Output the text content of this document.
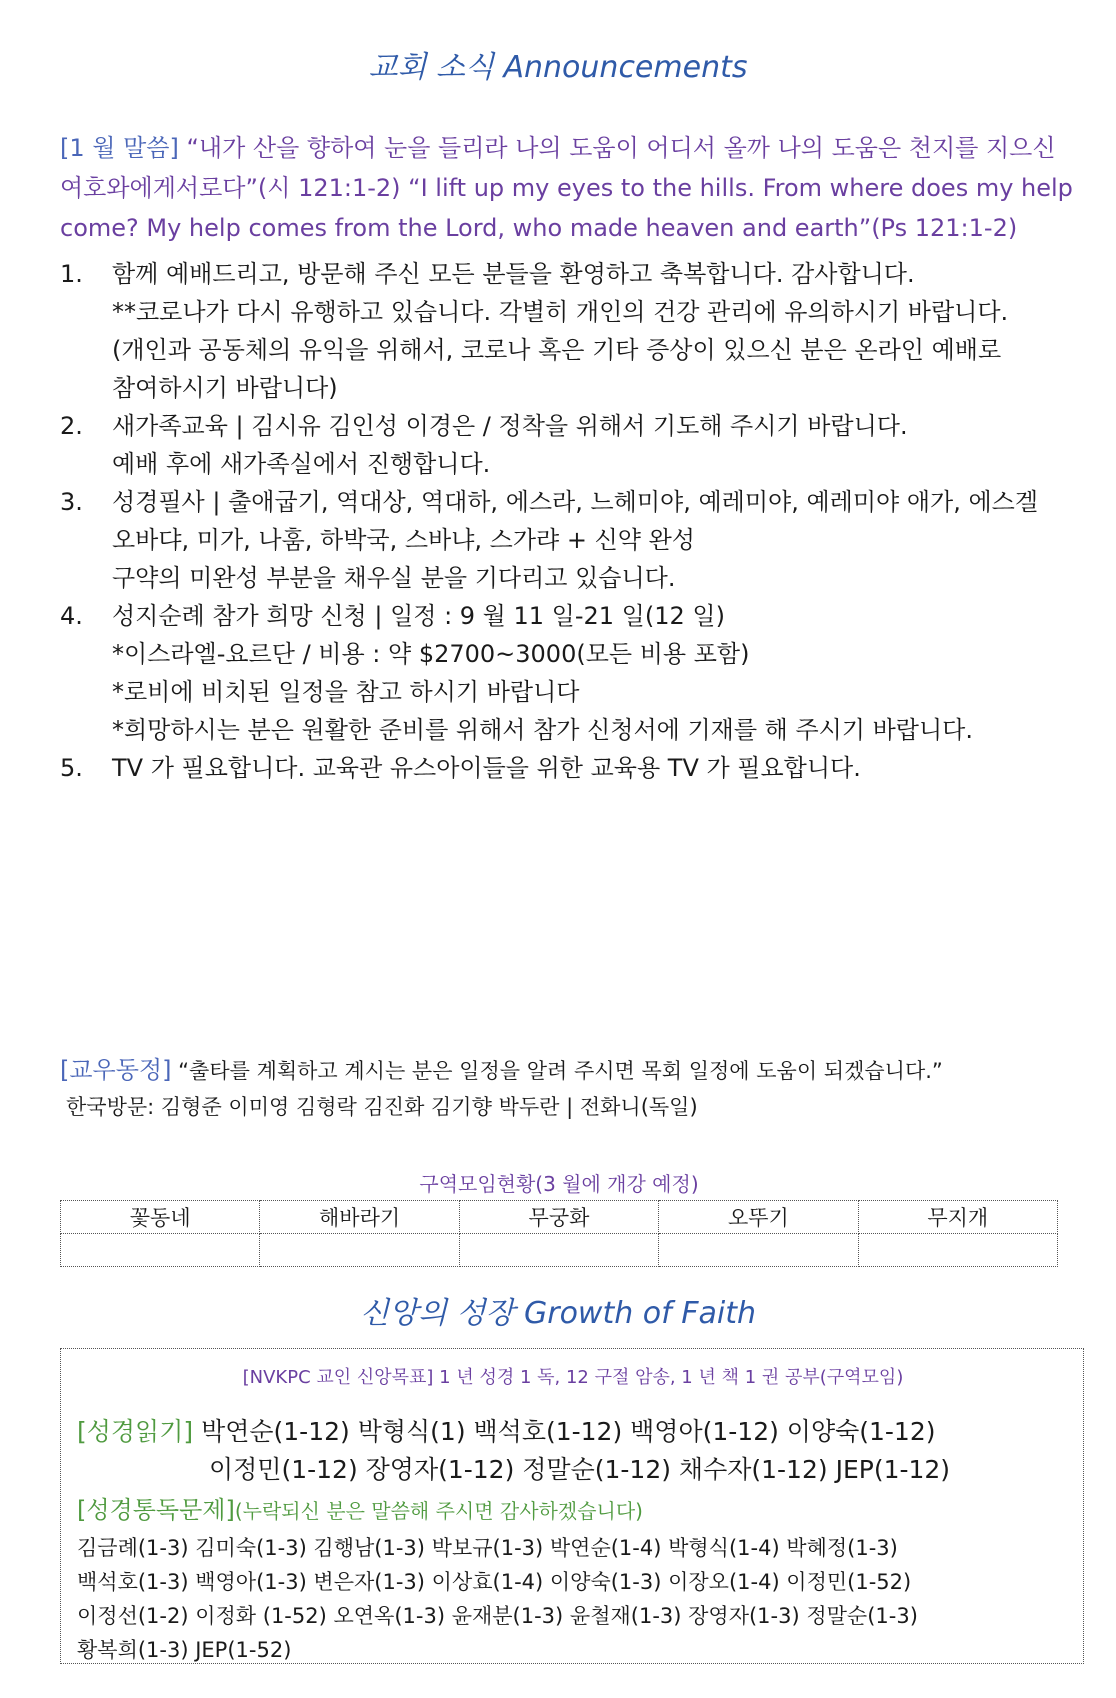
교회 소식 Announcements
[1 월 말씀] “내가 산을 향하여 눈을 들리라 나의 도움이 어디서 올까 나의 도움은 천지를 지으신 여호와에게서로다”(시 121:1-2) “I lift up my eyes to the hills. From where does my help come? My help comes from the Lord, who made heaven and earth”(Ps 121:1-2)
1.	함께 예배드리고, 방문해 주신 모든 분들을 환영하고 축복합니다. 감사합니다.
**코로나가 다시 유행하고 있습니다. 각별히 개인의 건강 관리에 유의하시기 바랍니다.
(개인과 공동체의 유익을 위해서, 코로나 혹은 기타 증상이 있으신 분은 온라인 예배로
참여하시기 바랍니다)
2.	새가족교육 | 김시유 김인성 이경은 / 정착을 위해서 기도해 주시기 바랍니다.
예배 후에 새가족실에서 진행합니다.
3.	성경필사 | 출애굽기, 역대상, 역대하, 에스라, 느헤미야, 예레미야, 예레미야 애가, 에스겔
오바댜, 미가, 나훔, 하박국, 스바냐, 스가랴 + 신약 완성
구약의 미완성 부분을 채우실 분을 기다리고 있습니다.
4.	성지순례 참가 희망 신청 | 일정 : 9 월 11 일-21 일(12 일)
*이스라엘-요르단 / 비용 : 약 $2700~3000(모든 비용 포함)
*로비에 비치된 일정을 참고 하시기 바랍니다
*희망하시는 분은 원활한 준비를 위해서 참가 신청서에 기재를 해 주시기 바랍니다.
5.	TV 가 필요합니다. 교육관 유스아이들을 위한 교육용 TV 가 필요합니다.
[교우동정] “출타를 계획하고 계시는 분은 일정을 알려 주시면 목회 일정에 도움이 되겠습니다.”
한국방문: 김형준 이미영 김형락 김진화 김기향 박두란 | 전화니(독일)
구역모임현황(3 월에 개강 예정)
꽃동네	해바라기	무궁화	오뚜기	무지개

신앙의 성장 Growth of Faith
[NVKPC 교인 신앙목표] 1 년 성경 1 독, 12 구절 암송, 1 년 책 1 권 공부(구역모임)
[성경읽기] 박연순(1-12) 박형식(1) 백석호(1-12) 백영아(1-12) 이양숙(1-12)
이정민(1-12) 장영자(1-12) 정말순(1-12) 채수자(1-12) JEP(1-12)
[성경통독문제](누락되신 분은 말씀해 주시면 감사하겠습니다)
김금례(1-3) 김미숙(1-3) 김행남(1-3) 박보규(1-3) 박연순(1-4) 박형식(1-4) 박혜정(1-3)
백석호(1-3) 백영아(1-3) 변은자(1-3) 이상효(1-4) 이양숙(1-3) 이장오(1-4) 이정민(1-52)
이정선(1-2) 이정화 (1-52) 오연옥(1-3) 윤재분(1-3) 윤철재(1-3) 장영자(1-3) 정말순(1-3)
황복희(1-3) JEP(1-52)
